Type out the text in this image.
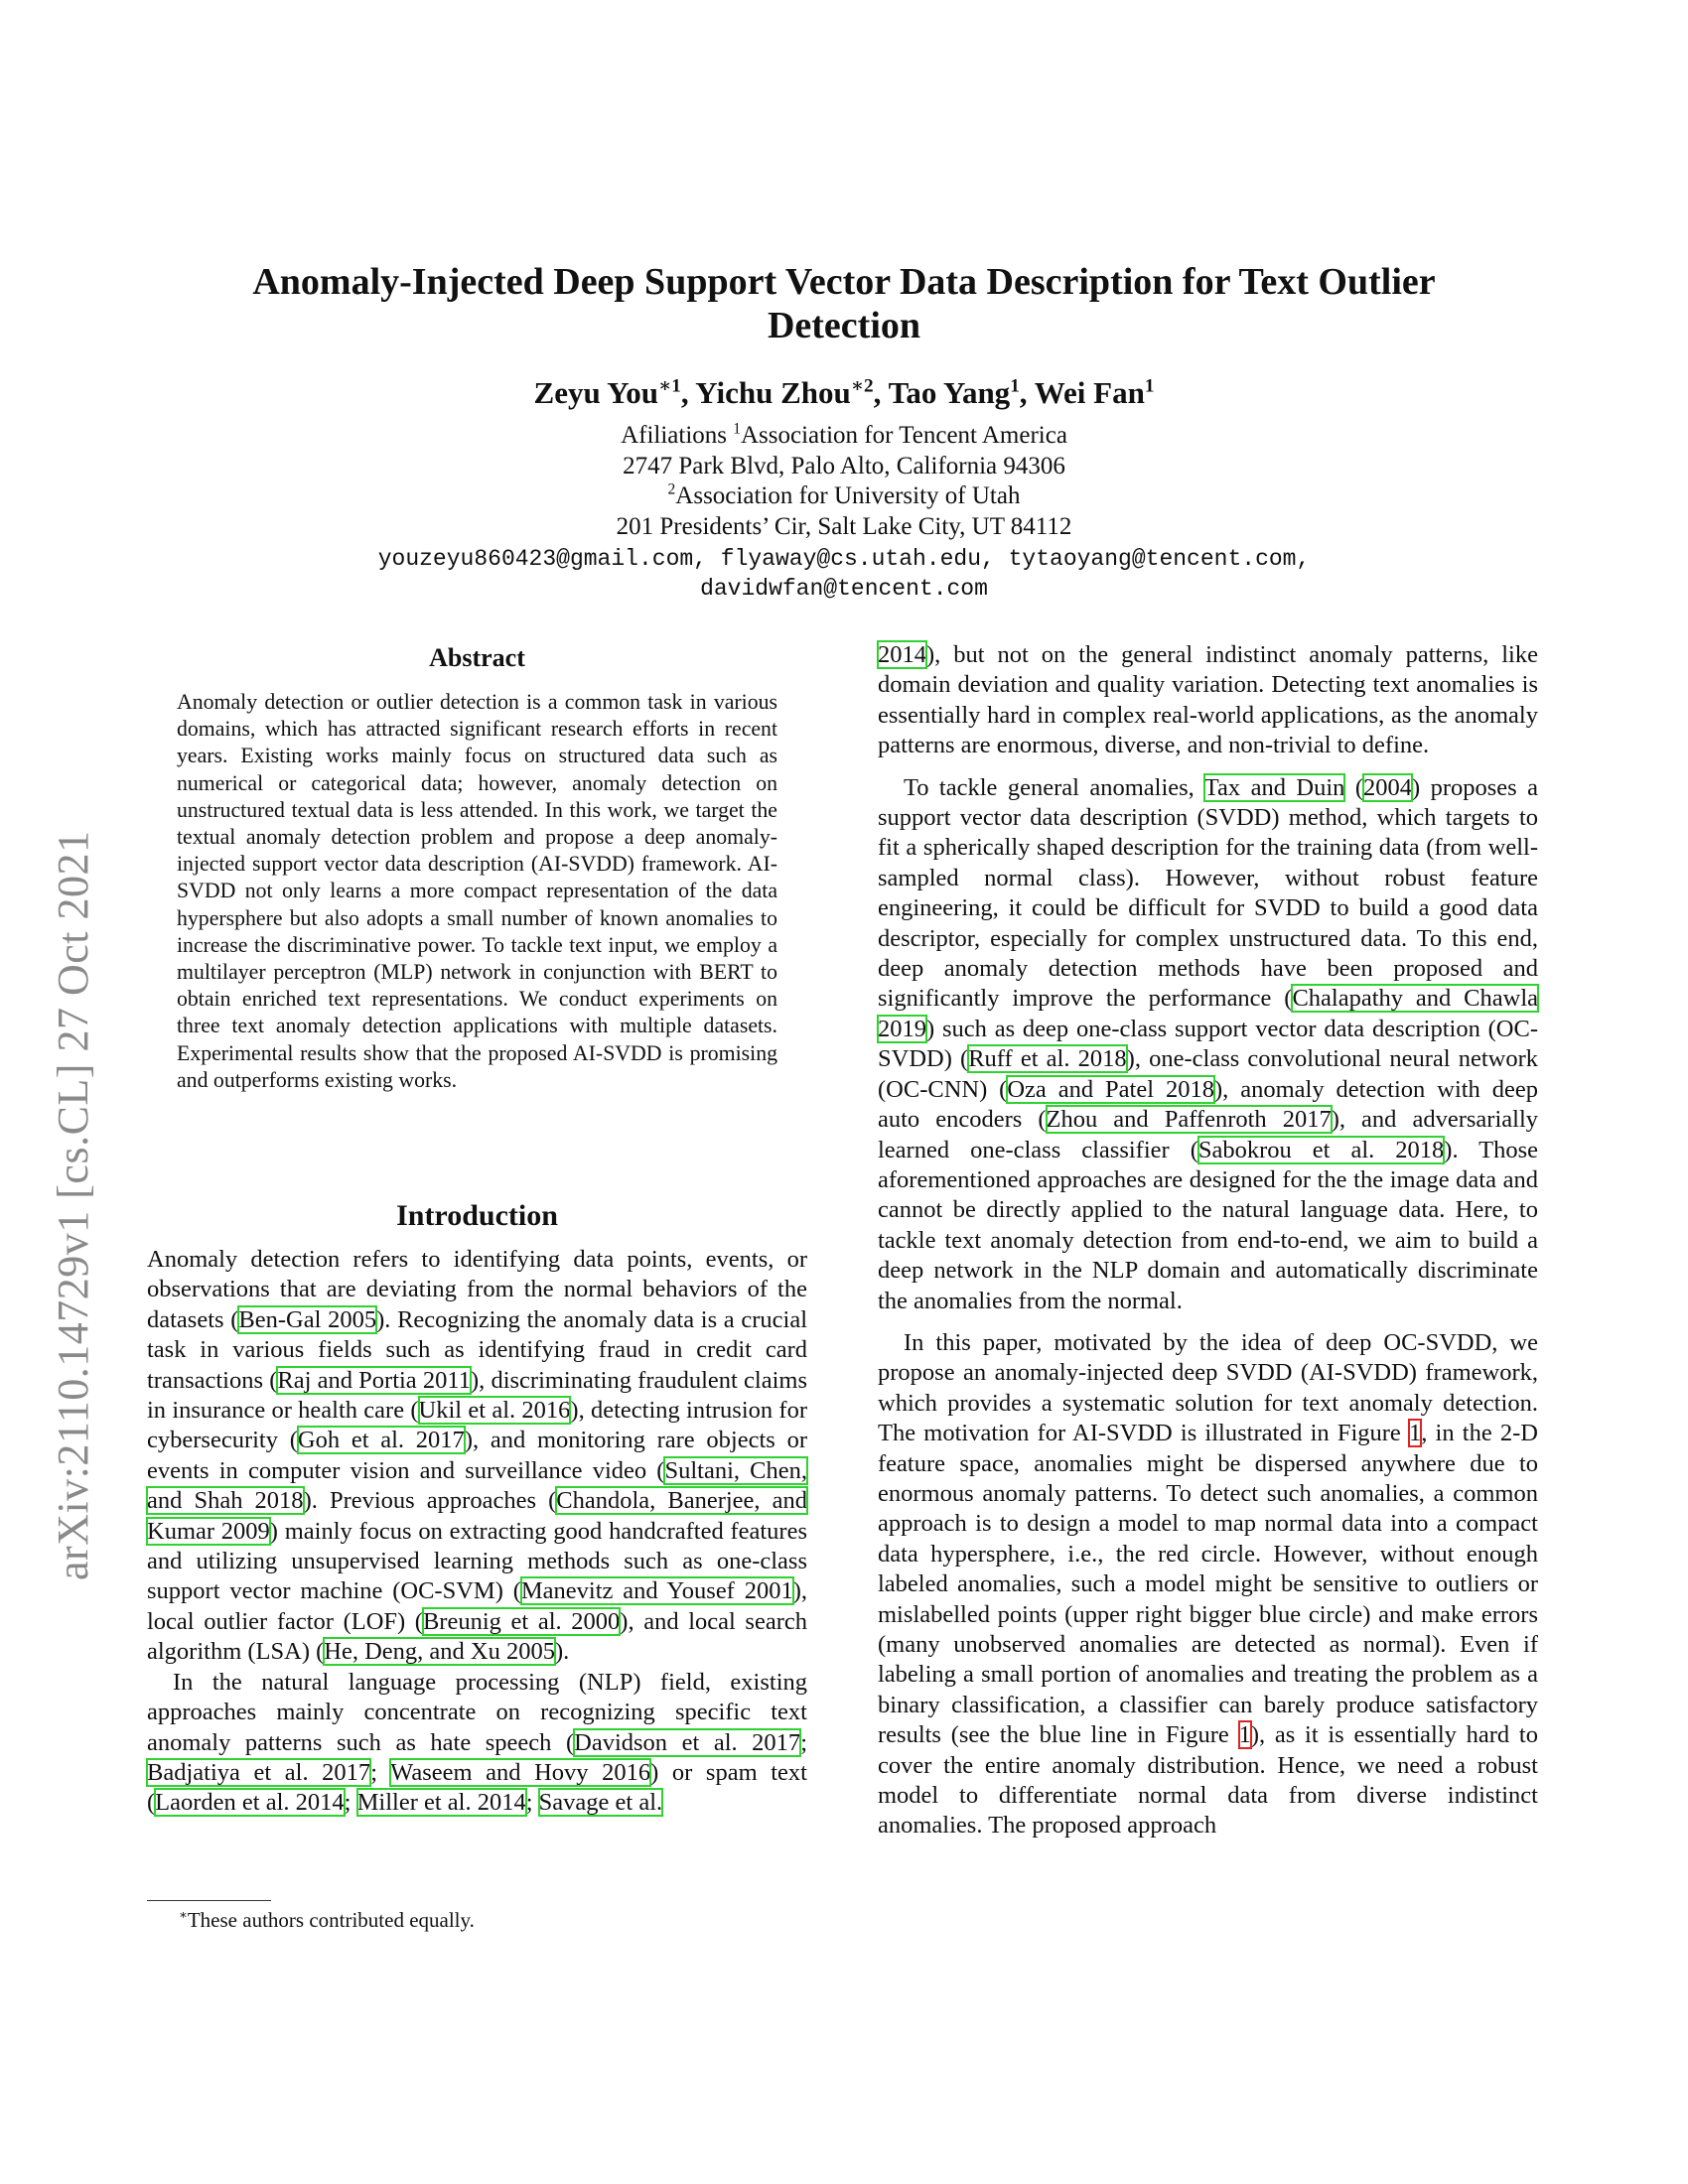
arXiv:2110.14729v1 [cs.CL] 27 Oct 2021
Anomaly-Injected Deep Support Vector Data Description for Text Outlier
Detection
Zeyu You$^{∗1}$, Yichu Zhou$^{∗2}$, Tao Yang$^1$, Wei Fan$^1$
Afiliations $^1$Association for Tencent America
2747 Park Blvd, Palo Alto, California 94306
$^2$Association for University of Utah
201 Presidents’ Cir, Salt Lake City, UT 84112
youzeyu860423@gmail.com, flyaway@cs.utah.edu, tytaoyang@tencent.com,
davidwfan@tencent.com
Abstract
Anomaly detection or outlier detection is a common task in various domains, which has attracted significant research efforts in recent years. Existing works mainly focus on structured data such as numerical or categorical data; however, anomaly detection on unstructured textual data is less attended. In this work, we target the textual anomaly detection problem and propose a deep anomaly-injected support vector data description (AI-SVDD) framework. AI-SVDD not only learns a more compact representation of the data hypersphere but also adopts a small number of known anomalies to increase the discriminative power. To tackle text input, we employ a multilayer perceptron (MLP) network in conjunction with BERT to obtain enriched text representations. We conduct experiments on three text anomaly detection applications with multiple datasets. Experimental results show that the proposed AI-SVDD is promising and outperforms existing works.
Introduction

Anomaly detection refers to identifying data points, events, or observations that are deviating from the normal behaviors of the datasets (Ben-Gal 2005). Recognizing the anomaly data is a crucial task in various fields such as identifying fraud in credit card transactions (Raj and Portia 2011), discriminating fraudulent claims in insurance or health care (Ukil et al. 2016), detecting intrusion for cybersecurity (Goh et al. 2017), and monitoring rare objects or events in computer vision and surveillance video (Sultani, Chen, and Shah 2018). Previous approaches (Chandola, Banerjee, and Kumar 2009) mainly focus on extracting good handcrafted features and utilizing unsupervised learning methods such as one-class support vector machine (OC-SVM) (Manevitz and Yousef 2001), local outlier factor (LOF) (Breunig et al. 2000), and local search algorithm (LSA) (He, Deng, and Xu 2005).

In the natural language processing (NLP) field, existing approaches mainly concentrate on recognizing specific text anomaly patterns such as hate speech (Davidson et al. 2017; Badjatiya et al. 2017; Waseem and Hovy 2016) or spam text (Laorden et al. 2014; Miller et al. 2014; Savage et al.

2014), but not on the general indistinct anomaly patterns, like domain deviation and quality variation. Detecting text anomalies is essentially hard in complex real-world applications, as the anomaly patterns are enormous, diverse, and non-trivial to define.

To tackle general anomalies, Tax and Duin (2004) proposes a support vector data description (SVDD) method, which targets to fit a spherically shaped description for the training data (from well-sampled normal class). However, without robust feature engineering, it could be difficult for SVDD to build a good data descriptor, especially for complex unstructured data. To this end, deep anomaly detection methods have been proposed and significantly improve the performance (Chalapathy and Chawla 2019) such as deep one-class support vector data description (OC-SVDD) (Ruff et al. 2018), one-class convolutional neural network (OC-CNN) (Oza and Patel 2018), anomaly detection with deep auto encoders (Zhou and Paffenroth 2017), and adversarially learned one-class classifier (Sabokrou et al. 2018). Those aforementioned approaches are designed for the the image data and cannot be directly applied to the natural language data. Here, to tackle text anomaly detection from end-to-end, we aim to build a deep network in the NLP domain and automatically discriminate the anomalies from the normal.

In this paper, motivated by the idea of deep OC-SVDD, we propose an anomaly-injected deep SVDD (AI-SVDD) framework, which provides a systematic solution for text anomaly detection. The motivation for AI-SVDD is illustrated in Figure 1, in the 2-D feature space, anomalies might be dispersed anywhere due to enormous anomaly patterns. To detect such anomalies, a common approach is to design a model to map normal data into a compact data hypersphere, i.e., the red circle. However, without enough labeled anomalies, such a model might be sensitive to outliers or mislabelled points (upper right bigger blue circle) and make errors (many unobserved anomalies are detected as normal). Even if labeling a small portion of anomalies and treating the problem as a binary classification, a classifier can barely produce satisfactory results (see the blue line in Figure 1), as it is essentially hard to cover the entire anomaly distribution. Hence, we need a robust model to differentiate normal data from diverse indistinct anomalies. The proposed approach

∗These authors contributed equally.
